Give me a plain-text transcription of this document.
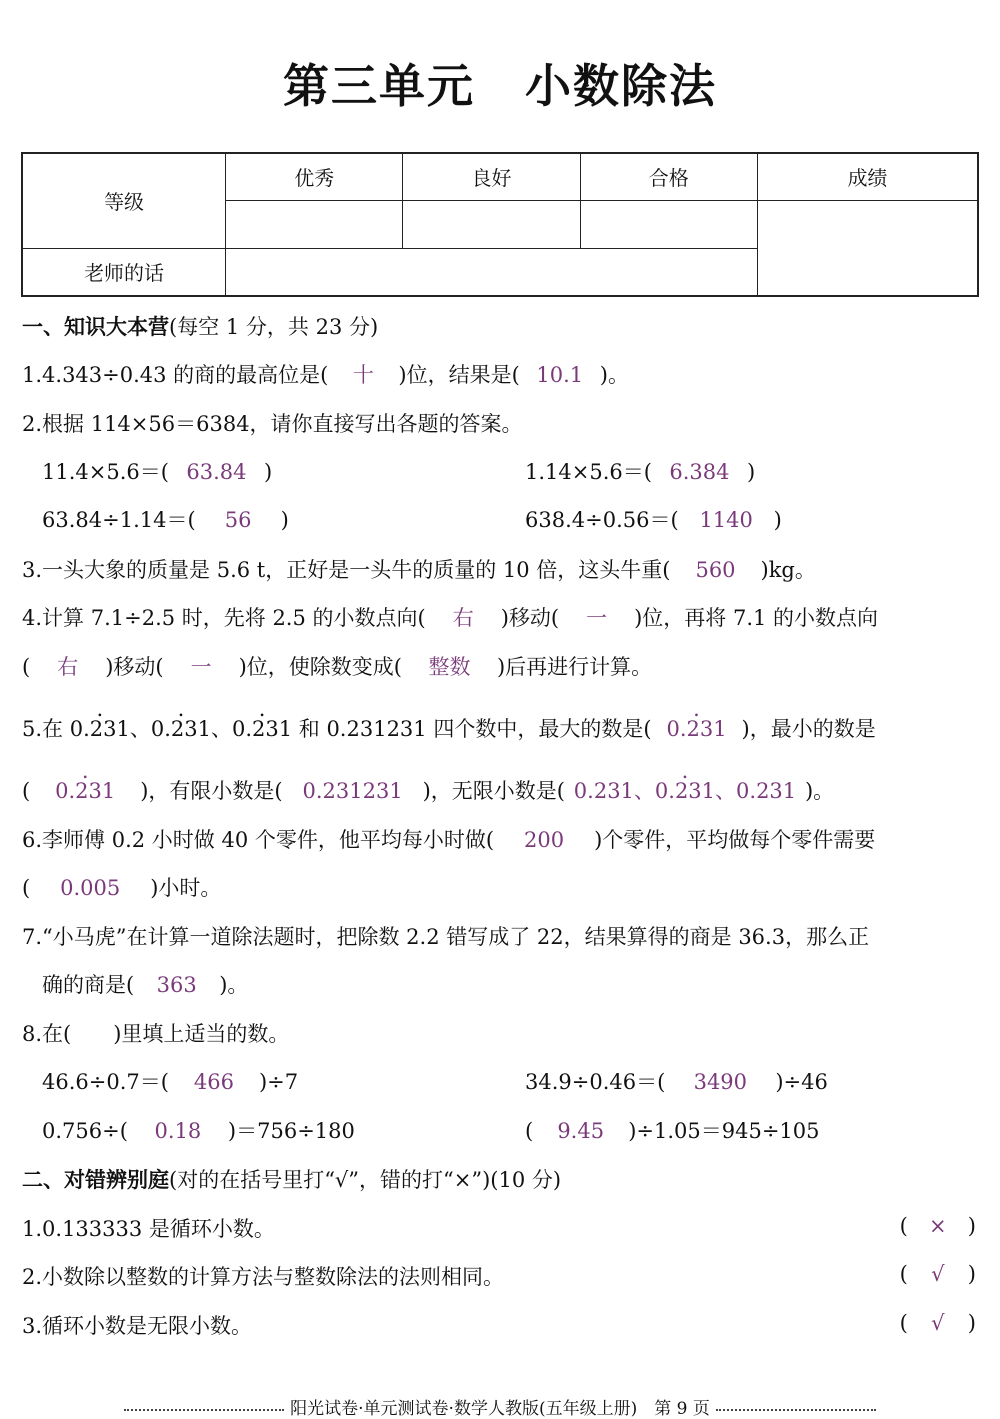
第三单元 小数除法
等级	优秀	良好	合格	成绩

老师的话				
一、知识大本营(每空 1 分，共 23 分)
1.4.343÷0.43 的商的最高位是( 十 )位，结果是( 10.1 )。
2.根据 114×56＝6384，请你直接写出各题的答案。
11.4×5.6＝( 63.84 )	1.14×5.6＝( 6.384 )
63.84÷1.14＝( 56 )	638.4÷0.56＝( 1140 )
3.一头大象的质量是 5.6 t，正好是一头牛的质量的 10 倍，这头牛重( 560 )kg。
4.计算 7.1÷2.5 时，先将 2.5 的小数点向( 右 )移动( 一 )位，再将 7.1 的小数点向
( 右 )移动( 一 )位，使除数变成( 整数 )后再进行计算。
5.在 . 0.231、. 0.231、. 0.231 和 0.231231 四个数中，最大的数是( . 0.231 )，最小的数是
( . 0.231 )，有限小数是( 0.231231 )，无限小数是( . 0.231、0.231、0.231 )。
6.李师傅 0.2 小时做 40 个零件，他平均每小时做( 200 )个零件，平均做每个零件需要
( 0.005 )小时。
7.“小马虎”在计算一道除法题时，把除数 2.2 错写成了 22，结果算得的商是 36.3，那么正
确的商是( 363 )。
8.在(　　)里填上适当的数。
46.6÷0.7＝( 466 )÷7	34.9÷0.46＝( 3490 )÷46
0.756÷( 0.18 )＝756÷180	( 9.45 )÷1.05＝945÷105
二、对错辨别庭(对的在括号里打“√”，错的打“×”)(10 分)
1.0.133333 是循环小数。	( × )
2.小数除以整数的计算方法与整数除法的法则相同。	( √ )
3.循环小数是无限小数。	( √ )
阳光试卷·单元测试卷·数学人教版(五年级上册)　第 9 页
